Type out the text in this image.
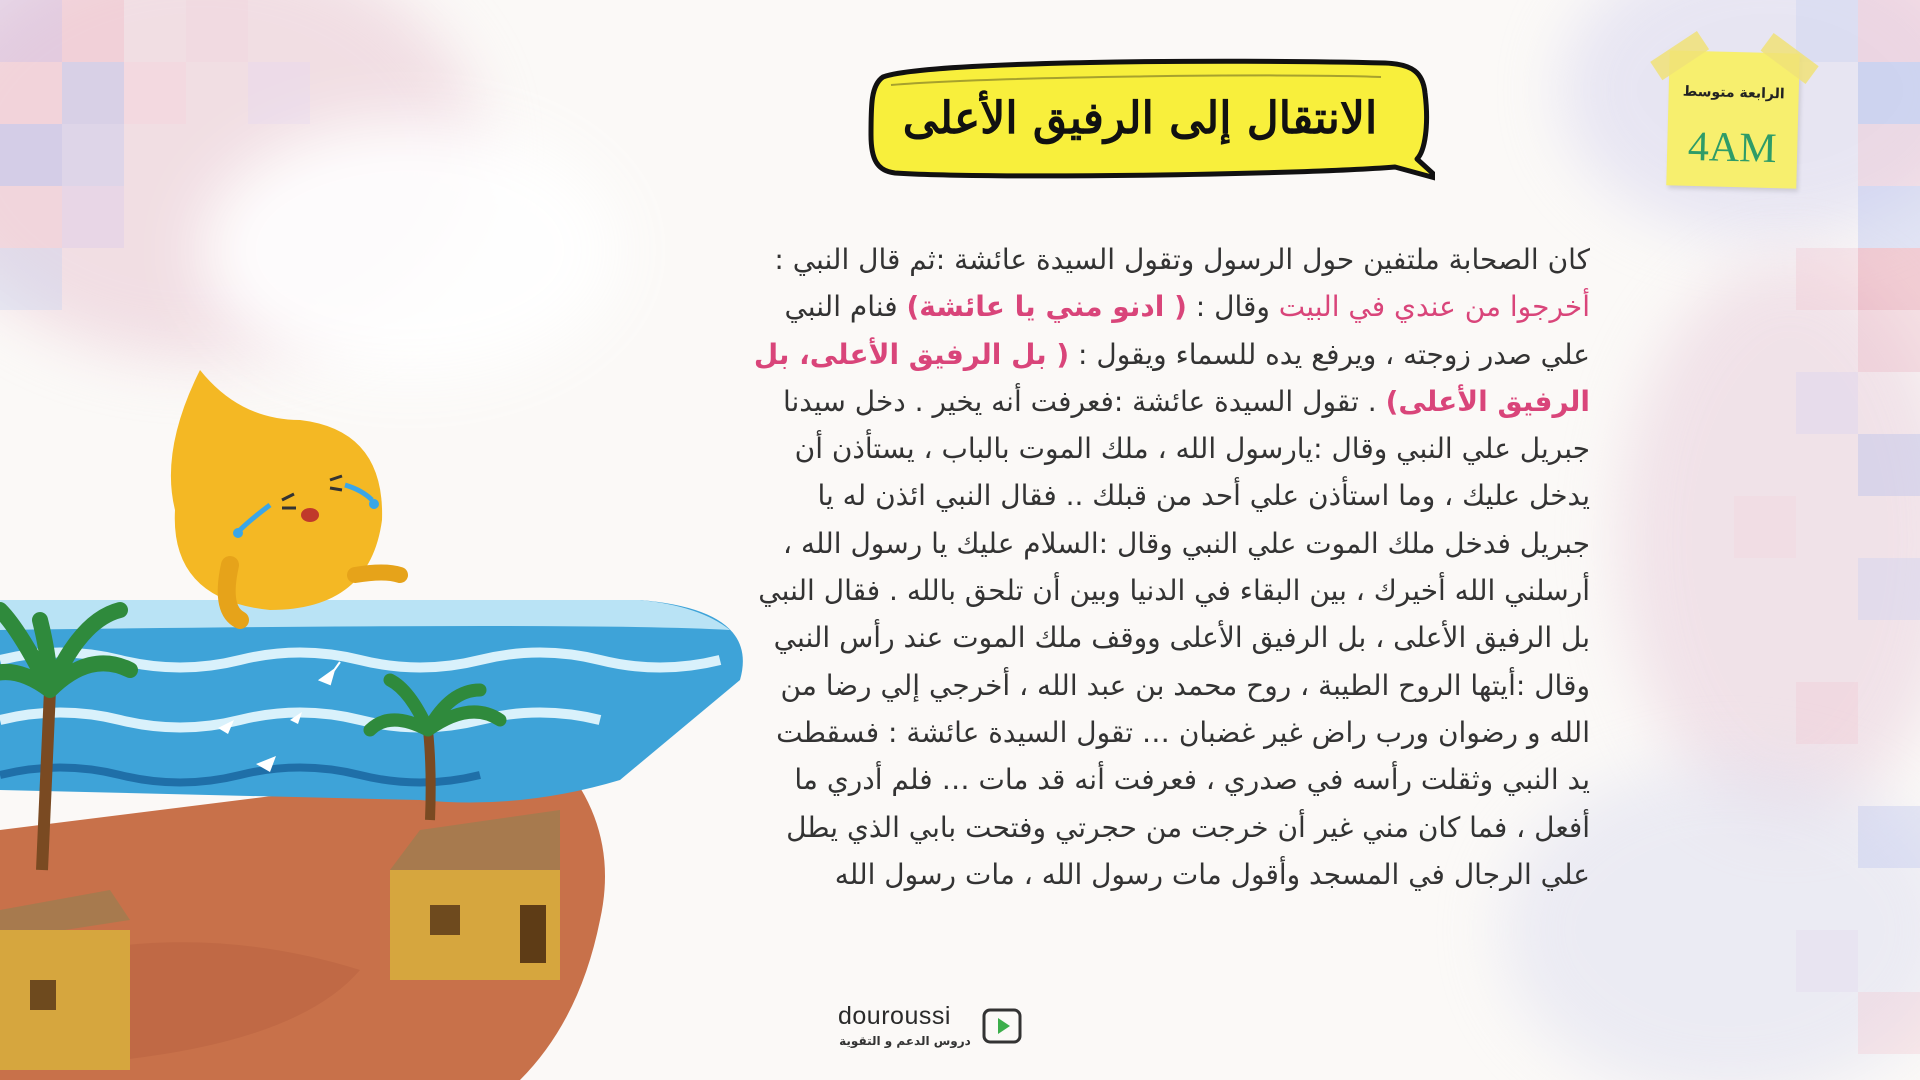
الانتقال إلى الرفيق الأعلى	الرابعة متوسط
4AM
كان الصحابة ملتفين حول الرسول وتقول السيدة عائشة :ثم قال النبي : أخرجوا من عندي في البيت وقال : ( ادنو مني يا عائشة) فنام النبي علي صدر زوجته ، ويرفع يده للسماء ويقول : ( بل الرفيق الأعلى، بل الرفيق الأعلى) . تقول السيدة عائشة :فعرفت أنه يخير . دخل سيدنا جبريل علي النبي وقال :يارسول الله ، ملك الموت بالباب ، يستأذن أن يدخل عليك ، وما استأذن علي أحد من قبلك .. فقال النبي ائذن له يا جبريل فدخل ملك الموت علي النبي وقال :السلام عليك يا رسول الله ، أرسلني الله أخيرك ، بين البقاء في الدنيا وبين أن تلحق بالله . فقال النبي بل الرفيق الأعلى ، بل الرفيق الأعلى ووقف ملك الموت عند رأس النبي وقال :أيتها الروح الطيبة ، روح محمد بن عبد الله ، أخرجي إلي رضا من الله و رضوان ورب راض غير غضبان … تقول السيدة عائشة : فسقطت يد النبي وثقلت رأسه في صدري ، فعرفت أنه قد مات … فلم أدري ما أفعل ، فما كان مني غير أن خرجت من حجرتي وفتحت بابي الذي يطل علي الرجال في المسجد وأقول مات رسول الله ، مات رسول الله
douroussi
دروس الدعم و التقوية
